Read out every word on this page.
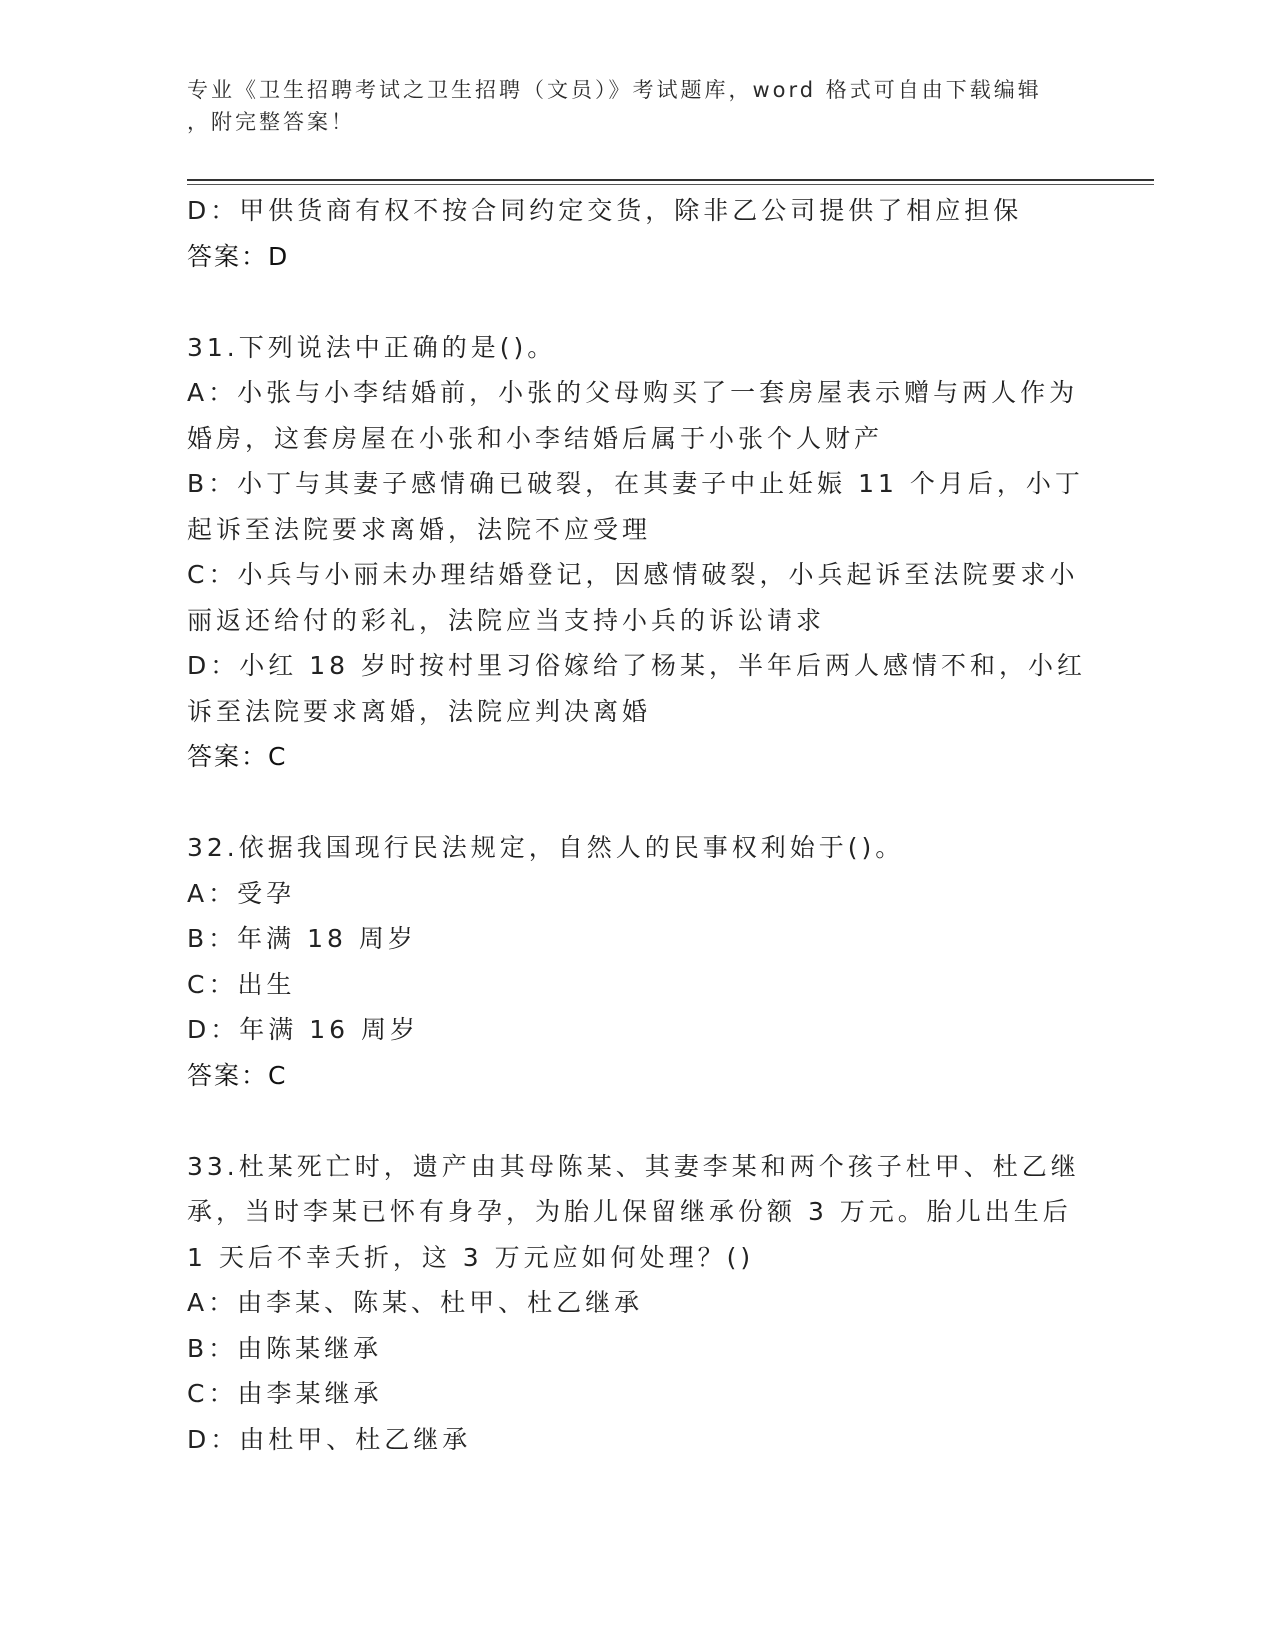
专业《卫生招聘考试之卫生招聘（文员）》考试题库，word 格式可自由下载编辑
，附完整答案！
D：甲供货商有权不按合同约定交货，除非乙公司提供了相应担保
答案：D
31.下列说法中正确的是()。
A：小张与小李结婚前，小张的父母购买了一套房屋表示赠与两人作为
婚房，这套房屋在小张和小李结婚后属于小张个人财产
B：小丁与其妻子感情确已破裂，在其妻子中止妊娠 11 个月后，小丁
起诉至法院要求离婚，法院不应受理
C：小兵与小丽未办理结婚登记，因感情破裂，小兵起诉至法院要求小
丽返还给付的彩礼，法院应当支持小兵的诉讼请求
D：小红 18 岁时按村里习俗嫁给了杨某，半年后两人感情不和，小红
诉至法院要求离婚，法院应判决离婚
答案：C
32.依据我国现行民法规定，自然人的民事权利始于()。
A：受孕
B：年满 18 周岁
C：出生
D：年满 16 周岁
答案：C
33.杜某死亡时，遗产由其母陈某、其妻李某和两个孩子杜甲、杜乙继
承，当时李某已怀有身孕，为胎儿保留继承份额 3 万元。胎儿出生后
1 天后不幸夭折，这 3 万元应如何处理？()
A：由李某、陈某、杜甲、杜乙继承
B：由陈某继承
C：由李某继承
D：由杜甲、杜乙继承
